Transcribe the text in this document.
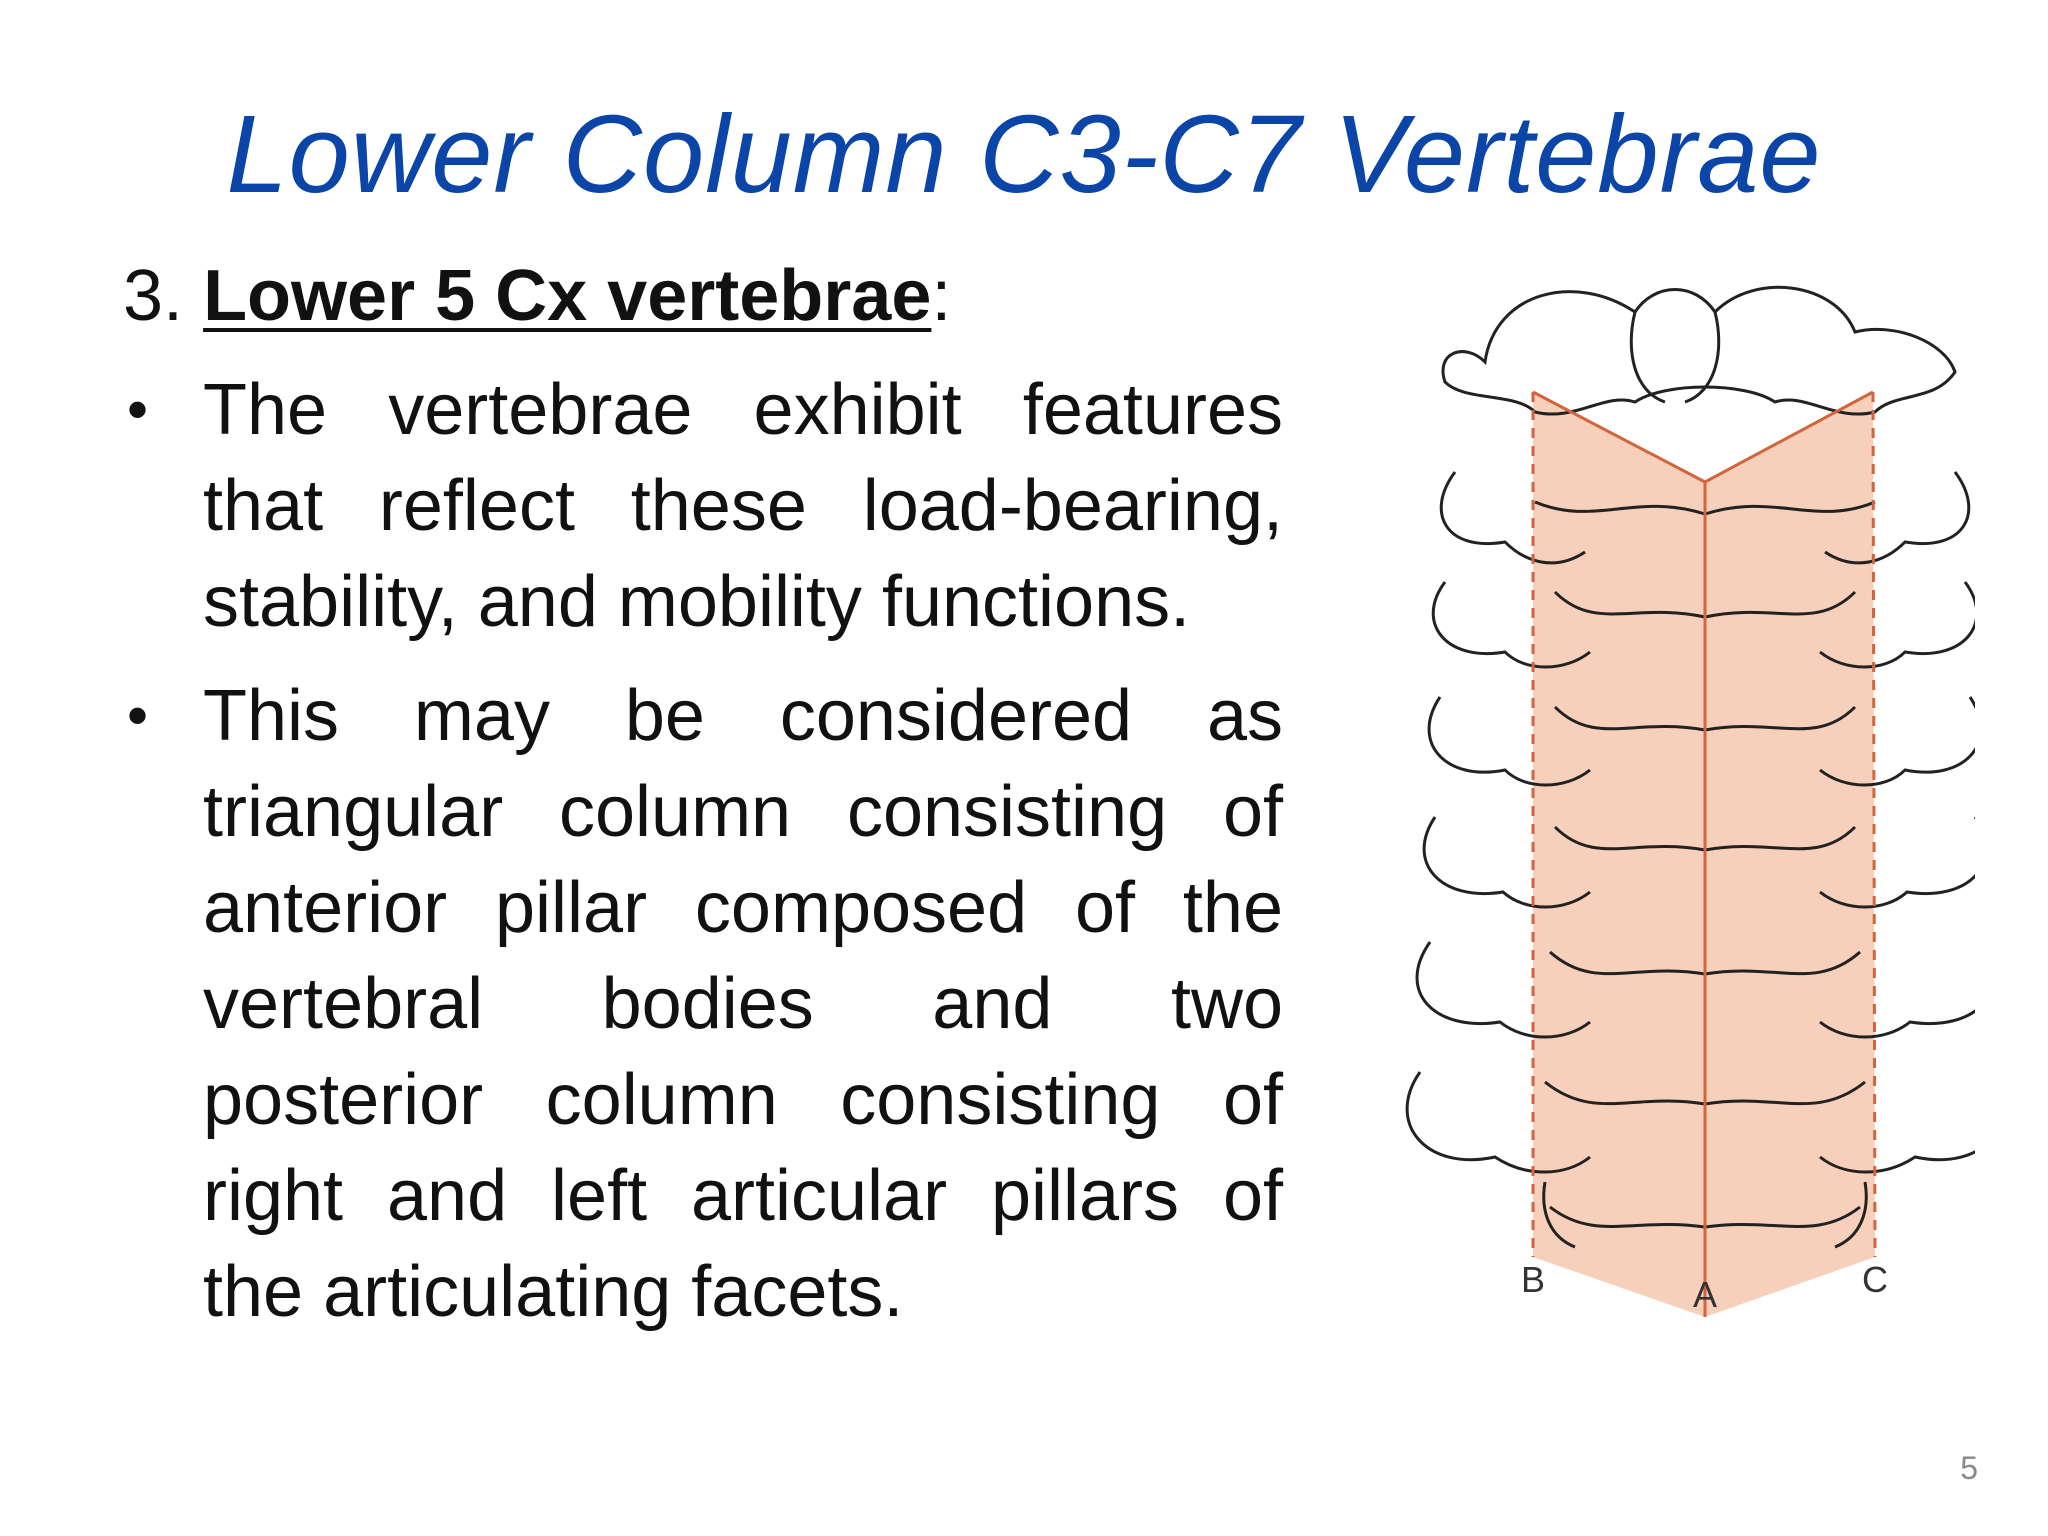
Lower Column C3-C7 Vertebrae
3. Lower 5 Cx vertebrae:
• The vertebrae exhibit features that reflect these load-bearing, stability, and mobility functions.
• This may be considered as triangular column consisting of anterior pillar composed of the vertebral bodies and two posterior column consisting of right and left articular pillars of the articulating facets.	B	C
A
5
